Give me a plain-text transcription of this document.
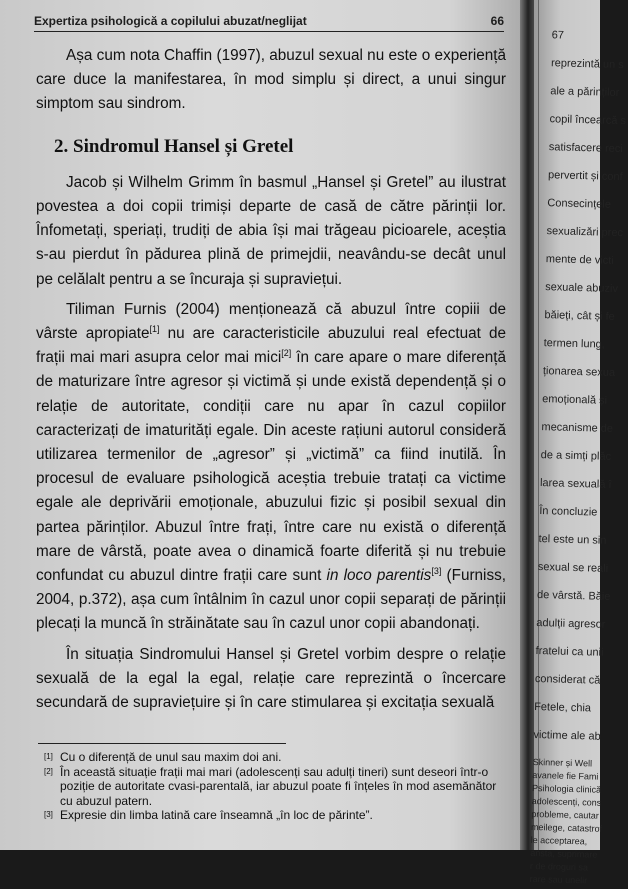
Expertiza psihologică a copilului abuzat/neglijat	66

Așa cum nota Chaffin (1997), abuzul sexual nu este o experiență care duce la manifestarea, în mod simplu și direct, a unui singur simptom sau sindrom.

2. Sindromul Hansel și Gretel

Jacob și Wilhelm Grimm în basmul „Hansel și Gretel” au ilustrat povestea a doi copii trimiși departe de casă de către părinții lor. Înfometați, speriați, trudiți de abia își mai trăgeau picioarele, aceștia s-au pierdut în pădurea plină de primejdii, neavându-se decât unul pe celălalt pentru a se încuraja și supraviețui.

Tiliman Furnis (2004) menționează că abuzul între copiii de vârste apropiate[1] nu are caracteristicile abuzului real efectuat de frații mai mari asupra celor mai mici[2] în care apare o mare diferență de maturizare între agresor și victimă și unde există dependență și o relație de autoritate, condiții care nu apar în cazul copiilor caracterizați de imaturități egale. Din aceste rațiuni autorul consideră utilizarea termenilor de „agresor” și „victimă” ca fiind inutilă. În procesul de evaluare psihologică aceștia trebuie tratați ca victime egale ale deprivării emoționale, abuzului fizic și posibil sexual din partea părinților. Abuzul între frați, între care nu există o diferență mare de vârstă, poate avea o dinamică foarte diferită și nu trebuie confundat cu abuzul dintre frații care sunt in loco parentis[3] (Furniss, 2004, p.372), așa cum întâlnim în cazul unor copii separați de părinții plecați la muncă în străinătate sau în cazul unor copii abandonați.

În situația Sindromului Hansel și Gretel vorbim despre o relație sexuală de la egal la egal, relație care reprezintă o încercare secundară de supraviețuire și în care stimularea și excitația sexuală

[1] Cu o diferență de unul sau maxim doi ani.
[2] În această situație frații mai mari (adolescenți sau adulți tineri) sunt deseori într-o poziție de autoritate cvasi-parentală, iar abuzul poate fi înțeles în mod asemănător cu abuzul patern.
[3] Expresie din limba latină care înseamnă „în loc de părinte”.
67
reprezintă un s
ale a părinților
copil încearcă s
satisfacere reci
pervertit și conf
Consecințele
sexualizări prec
mente de victi
sexuale abuziv
băieți, cât și fe
termen lung,
ționarea sexua
emoțională și
mecanisme de
de a simți plăc
larea sexuală î
În concluzie
tel este un sin
sexual se reali
de vârstă. Băie
adulții agresor
fratelui ca unii
considerat că
Fetele, chia
victime ale ab
Skinner și Well
avanele fie Fami
Psihologia clinică
adolescenți, cons
probleme, cautar
meilege, catastrof
le acceptarea,
ansta, suprimare
r de droguri sa
rare sau unelir
